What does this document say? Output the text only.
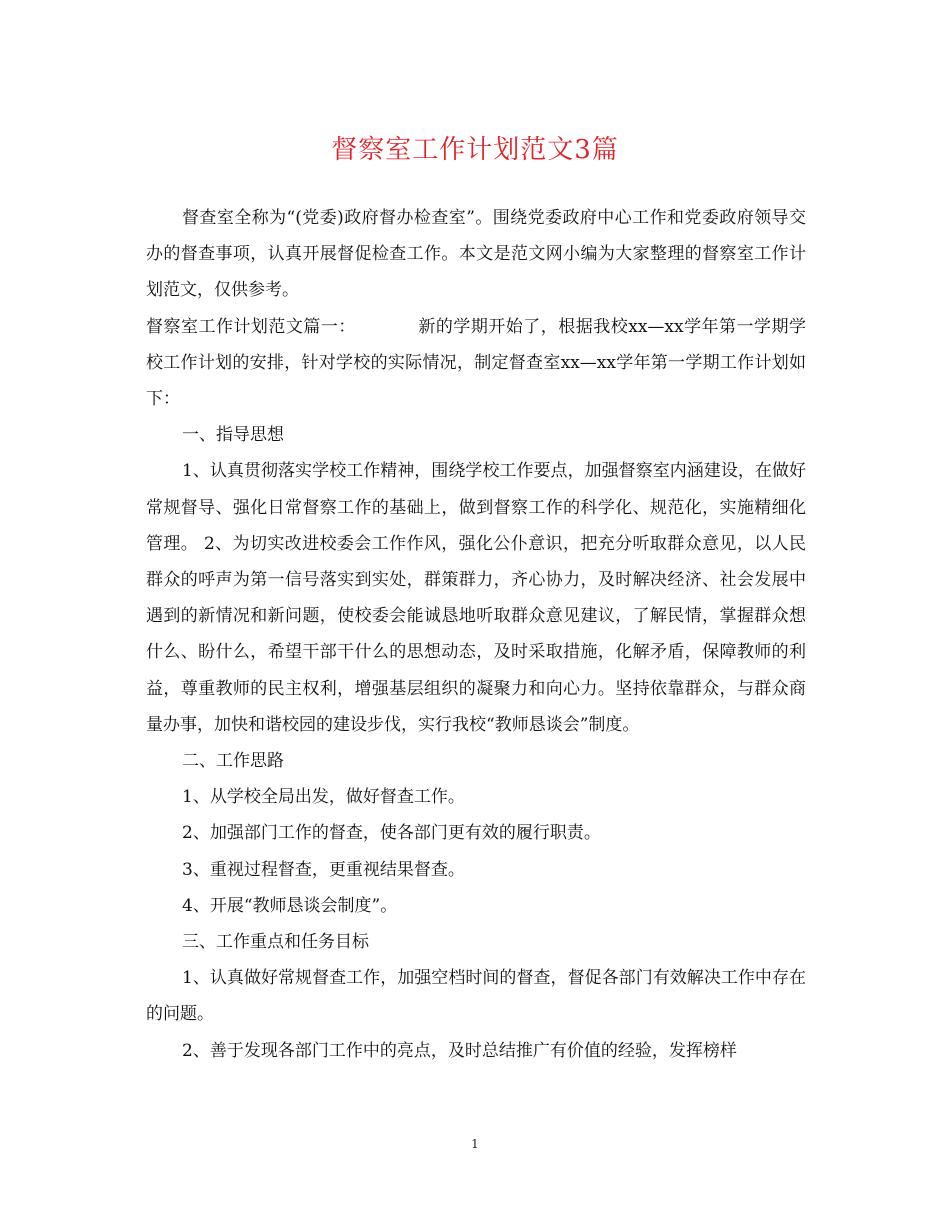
督察室工作计划范文3篇

督查室全称为“(党委)政府督办检查室”。围绕党委政府中心工作和党委政府领导交办的督查事项，认真开展督促检查工作。本文是范文网小编为大家整理的督察室工作计划范文，仅供参考。

督察室工作计划范文篇一：	新的学期开始了，根据我校xx—xx学年第一学期学校工作计划的安排，针对学校的实际情况，制定督查室xx—xx学年第一学期工作计划如下：

一、指导思想

1、认真贯彻落实学校工作精神，围绕学校工作要点，加强督察室内涵建设，在做好常规督导、强化日常督察工作的基础上，做到督察工作的科学化、规范化，实施精细化管理。 2、为切实改进校委会工作作风，强化公仆意识，把充分听取群众意见，以人民群众的呼声为第一信号落实到实处，群策群力，齐心协力，及时解决经济、社会发展中遇到的新情况和新问题，使校委会能诚恳地听取群众意见建议，了解民情，掌握群众想什么、盼什么，希望干部干什么的思想动态，及时采取措施，化解矛盾，保障教师的利益，尊重教师的民主权利，增强基层组织的凝聚力和向心力。坚持依靠群众，与群众商量办事，加快和谐校园的建设步伐，实行我校“教师恳谈会”制度。

二、工作思路

1、从学校全局出发，做好督查工作。

2、加强部门工作的督查，使各部门更有效的履行职责。

3、重视过程督查，更重视结果督查。

4、开展“教师恳谈会制度”。

三、工作重点和任务目标

1、认真做好常规督查工作，加强空档时间的督查，督促各部门有效解决工作中存在的问题。

2、善于发现各部门工作中的亮点，及时总结推广有价值的经验，发挥榜样

1
